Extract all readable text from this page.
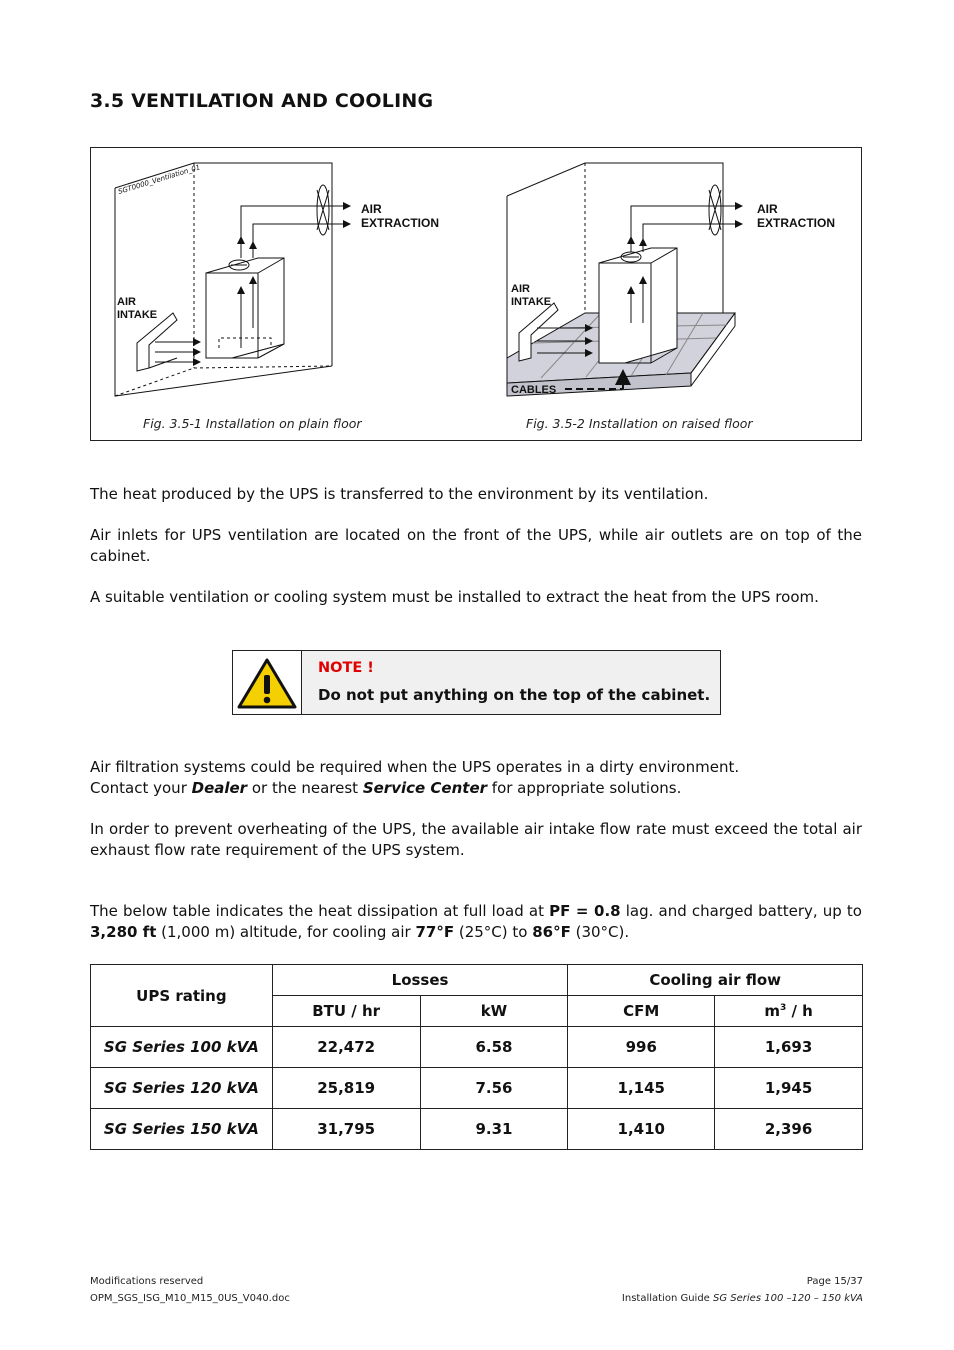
3.5 VENTILATION AND COOLING
SGT0000_Ventilation_01
AIR
EXTRACTION
AIR
INTAKE
AIR
EXTRACTION
AIR
INTAKE
CABLES
Fig. 3.5-1 Installation on plain floor	Fig. 3.5-2 Installation on raised floor

The heat produced by the UPS is transferred to the environment by its ventilation.

Air inlets for UPS ventilation are located on the front of the UPS, while air outlets are on top of the cabinet.

A suitable ventilation or cooling system must be installed to extract the heat from the UPS room.

NOTE !
Do not put anything on the top of the cabinet.

Air filtration systems could be required when the UPS operates in a dirty environment.
Contact your Dealer or the nearest Service Center for appropriate solutions.

In order to prevent overheating of the UPS, the available air intake flow rate must exceed the total air exhaust flow rate requirement of the UPS system.

The below table indicates the heat dissipation at full load at PF = 0.8 lag. and charged battery, up to 3,280 ft (1,000 m) altitude, for cooling air 77°F (25°C) to 86°F (30°C).

UPS rating	Losses		Cooling air flow	
	BTU / hr	kW	CFM	$m^3$ / h
SG Series 100 kVA	22,472	6.58	996	1,693
SG Series 120 kVA	25,819	7.56	1,145	1,945
SG Series 150 kVA	31,795	9.31	1,410	2,396
Modifications reserved
OPM_SGS_ISG_M10_M15_0US_V040.doc
Page 15/37
Installation Guide SG Series 100 –120 – 150 kVA
